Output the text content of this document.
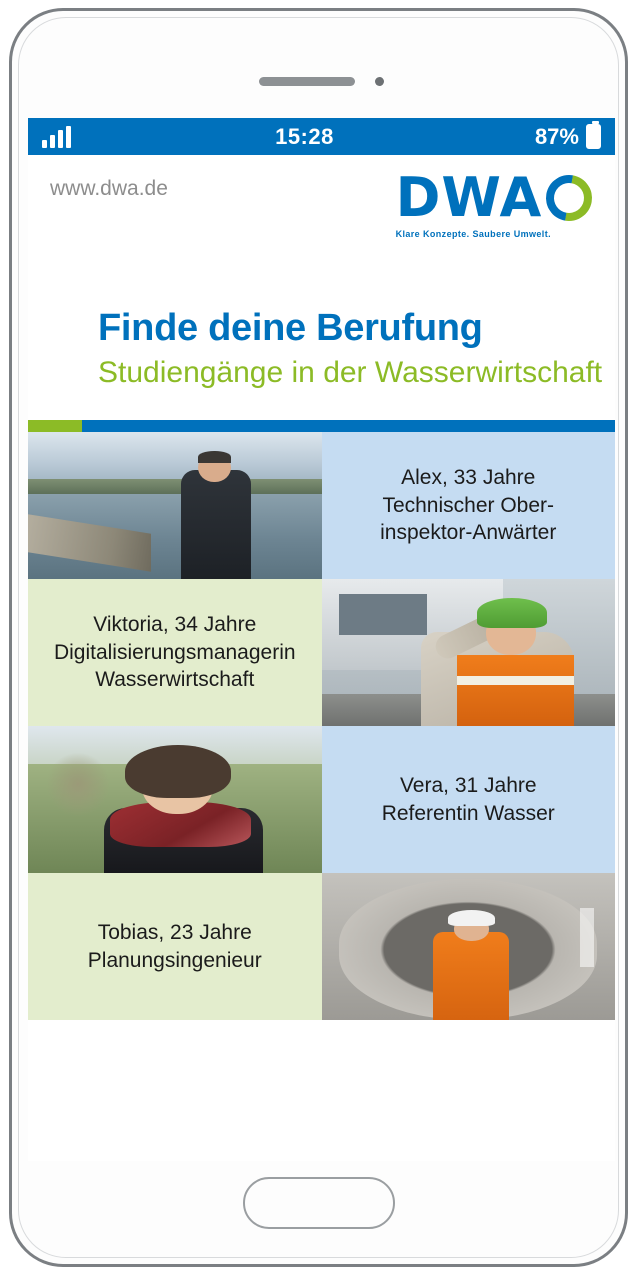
15:28	87%
www.dwa.de	DWA
Klare Konzepte. Saubere Umwelt.
Finde deine Berufung
Studiengänge in der Wasserwirtschaft

Alex, 33 Jahre
Technischer Ober-
inspektor-Anwärter

Viktoria, 34 Jahre
Digitalisierungsmanagerin
Wasserwirtschaft

Vera, 31 Jahre
Referentin Wasser

Tobias, 23 Jahre
Planungsingenieur
